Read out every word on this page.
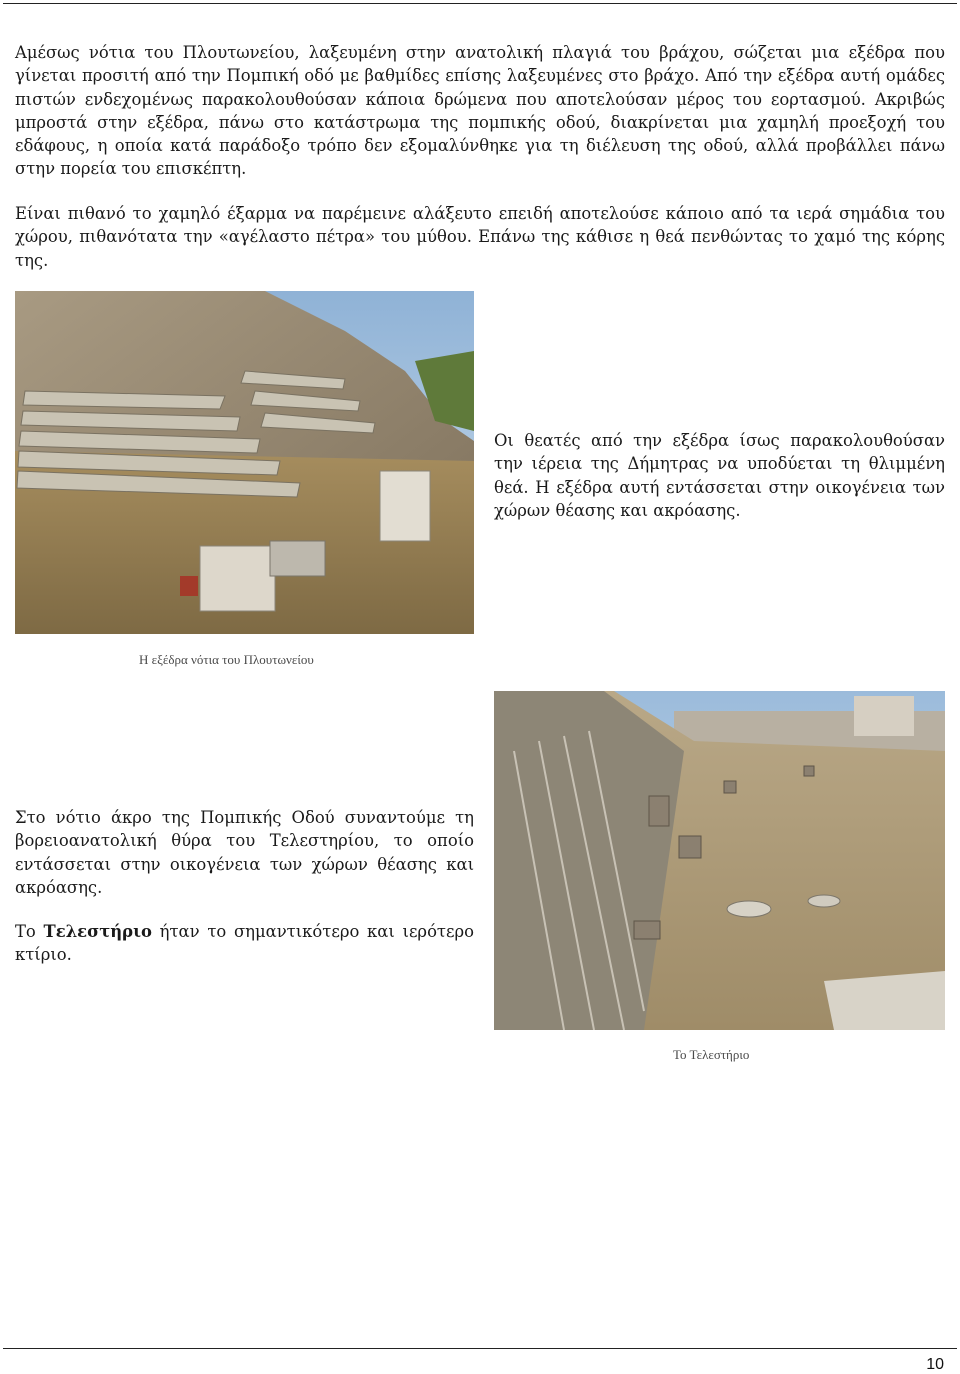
Αμέσως νότια του Πλουτωνείου, λαξευμένη στην ανατολική πλαγιά του βράχου, σώζεται μια εξέδρα που γίνεται προσιτή από την Πομπική οδό με βαθμίδες επίσης λαξευμένες στο βράχο. Από την εξέδρα αυτή ομάδες πιστών ενδεχομένως παρακολουθούσαν κάποια δρώμενα που αποτελούσαν μέρος του εορτασμού. Ακριβώς μπροστά στην εξέδρα, πάνω στο κατάστρωμα της πομπικής οδού, διακρίνεται μια χαμηλή προεξοχή του εδάφους, η οποία κατά παράδοξο τρόπο δεν εξομαλύνθηκε για τη διέλευση της οδού, αλλά προβάλλει πάνω στην πορεία του επισκέπτη.

Είναι πιθανό το χαμηλό έξαρμα να παρέμεινε αλάξευτο επειδή αποτελούσε κάποιο από τα ιερά σημάδια του χώρου, πιθανότατα την «αγέλαστο πέτρα» του μύθου. Επάνω της κάθισε η θεά πενθώντας το χαμό της κόρης της.

Οι θεατές από την εξέδρα ίσως παρακολουθούσαν την ιέρεια της Δήμητρας να υποδύεται τη θλιμμένη θεά. Η εξέδρα αυτή εντάσσεται στην οικογένεια των χώρων θέασης και ακρόασης.

Η εξέδρα νότια του Πλουτωνείου

Στο νότιο άκρο της Πομπικής Οδού συναντούμε τη βορειοανατολική θύρα του Τελεστηρίου, το οποίο εντάσσεται στην οικογένεια των χώρων θέασης και ακρόασης.

Το Τελεστήριο ήταν το σημαντικότερο και ιερότερο κτίριο.

Το Τελεστήριο
10
